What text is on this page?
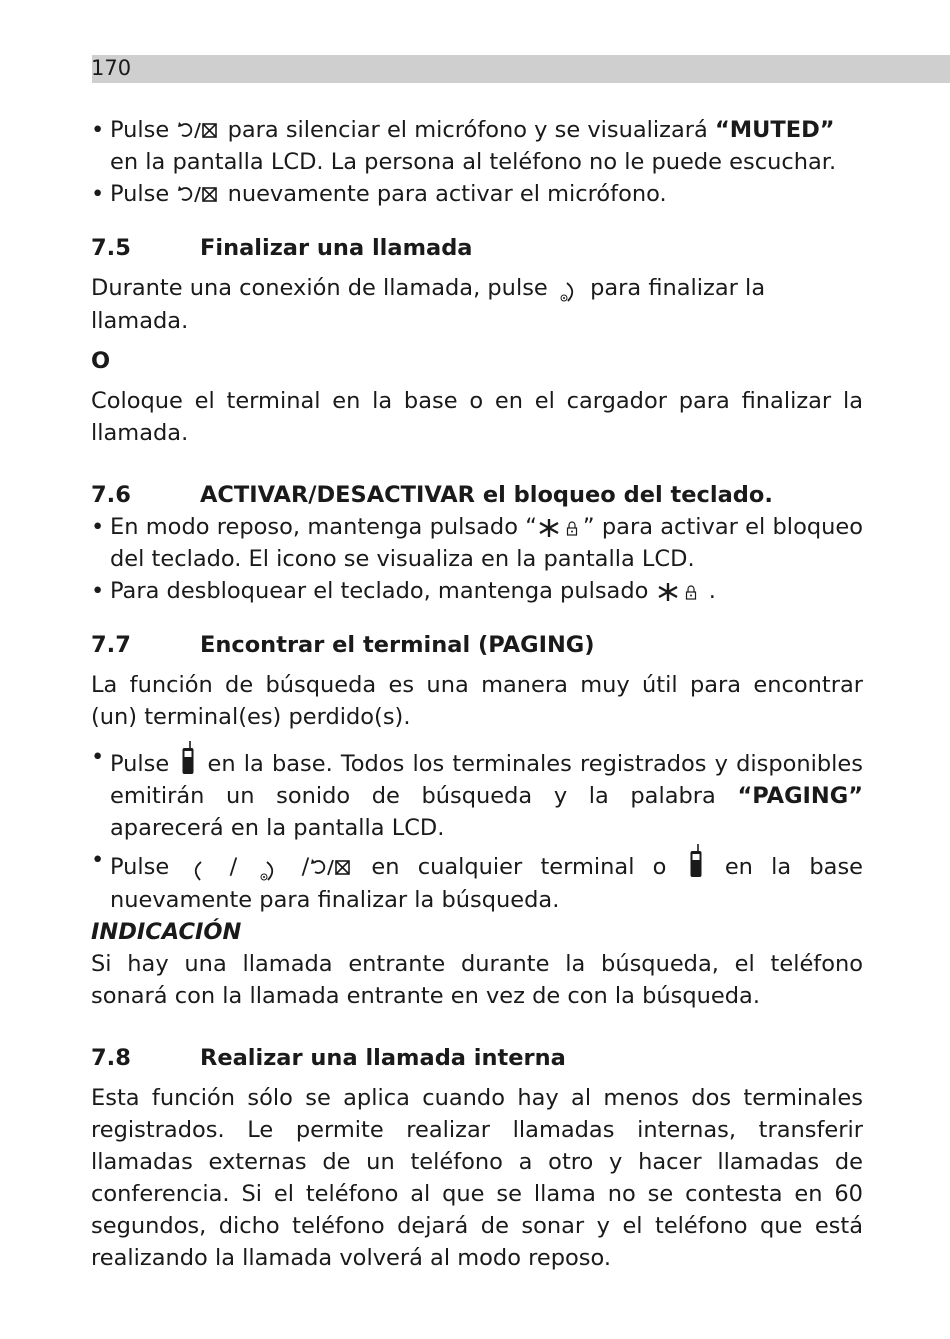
170

• Pulse	para silenciar el micrófono y se visualizará “MUTED” en la pantalla LCD. La persona al teléfono no le puede escuchar.

• Pulse	nuevamente para activar el micrófono.

7.5	Finalizar una llamada

Durante una conexión de llamada, pulse para finalizar la llamada.

O

Coloque el terminal en la base o en el cargador para finalizar la llamada.

7.6	ACTIVAR/DESACTIVAR el bloqueo del teclado.

• En modo reposo, mantenga pulsado “ ” para activar el bloqueo del teclado. El icono se visualiza en la pantalla LCD.

• Para desbloquear el teclado, mantenga pulsado	.

7.7	Encontrar el terminal (PAGING)

La función de búsqueda es una manera muy útil para encontrar (un) terminal(es) perdido(s).

• Pulse en la base. Todos los terminales registrados y disponibles emitirán un sonido de búsqueda y la palabra “PAGING” aparecerá en la pantalla LCD.

• Pulse  /  /	en cualquier terminal o	en la base nuevamente para finalizar la búsqueda.

INDICACIÓN

Si hay una llamada entrante durante la búsqueda, el teléfono sonará con la llamada entrante en vez de con la búsqueda.

7.8	Realizar una llamada interna

Esta función sólo se aplica cuando hay al menos dos terminales registrados. Le permite realizar llamadas internas, transferir llamadas externas de un teléfono a otro y hacer llamadas de conferencia. Si el teléfono al que se llama no se contesta en 60 segundos, dicho teléfono dejará de sonar y el teléfono que está realizando la llamada volverá al modo reposo.
